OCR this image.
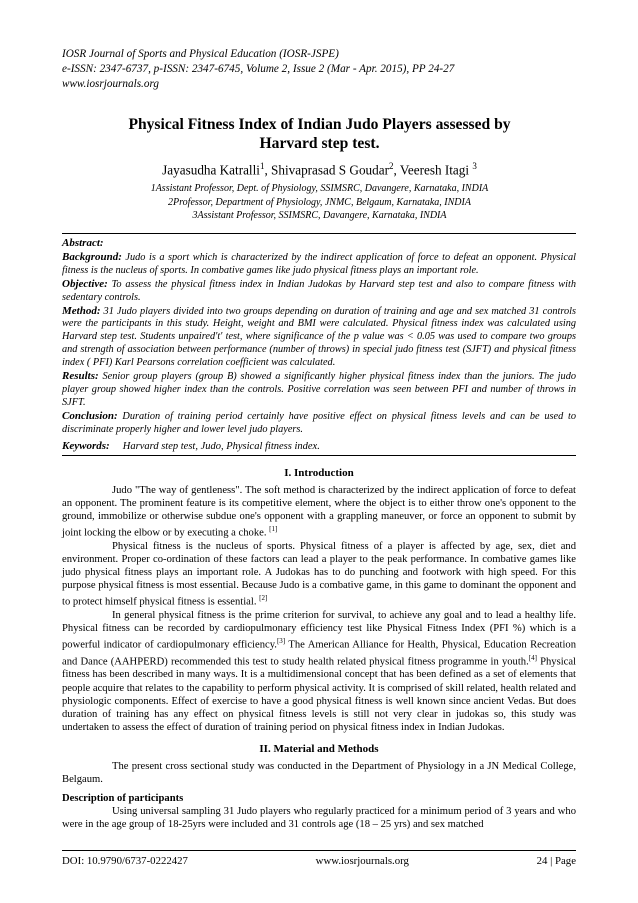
IOSR Journal of Sports and Physical Education (IOSR-JSPE)
e-ISSN: 2347-6737, p-ISSN: 2347-6745, Volume 2, Issue 2 (Mar - Apr. 2015), PP 24-27
www.iosrjournals.org
Physical Fitness Index of Indian Judo Players assessed by
Harvard step test.
Jayasudha Katralli$^1$, Shivaprasad S Goudar$^2$, Veeresh Itagi $^3$
1Assistant Professor, Dept. of Physiology, SSIMSRC, Davangere, Karnataka, INDIA
2Professor, Department of Physiology, JNMC, Belgaum, Karnataka, INDIA
3Assistant Professor, SSIMSRC, Davangere, Karnataka, INDIA

Abstract:

Background: Judo is a sport which is characterized by the indirect application of force to defeat an opponent. Physical fitness is the nucleus of sports. In combative games like judo physical fitness plays an important role.

Objective: To assess the physical fitness index in Indian Judokas by Harvard step test and also to compare fitness with sedentary controls.

Method: 31 Judo players divided into two groups depending on duration of training and age and sex matched 31 controls were the participants in this study. Height, weight and BMI were calculated. Physical fitness index was calculated using Harvard step test. Students unpaired't' test, where significance of the p value was < 0.05 was used to compare two groups and strength of association between performance (number of throws) in special judo fitness test (SJFT) and physical fitness index ( PFI) Karl Pearsons correlation coefficient was calculated.

Results: Senior group players (group B) showed a significantly higher physical fitness index than the juniors. The judo player group showed higher index than the controls. Positive correlation was seen between PFI and number of throws in SJFT.

Conclusion: Duration of training period certainly have positive effect on physical fitness levels and can be used to discriminate properly higher and lower level judo players.

Keywords: Harvard step test, Judo, Physical fitness index.
I. Introduction

Judo "The way of gentleness". The soft method is characterized by the indirect application of force to defeat an opponent. The prominent feature is its competitive element, where the object is to either throw one's opponent to the ground, immobilize or otherwise subdue one's opponent with a grappling maneuver, or force an opponent to submit by joint locking the elbow or by executing a choke. [1]

Physical fitness is the nucleus of sports. Physical fitness of a player is affected by age, sex, diet and environment. Proper co-ordination of these factors can lead a player to the peak performance. In combative games like judo physical fitness plays an important role. A Judokas has to do punching and footwork with high speed. For this purpose physical fitness is most essential. Because Judo is a combative game, in this game to dominant the opponent and to protect himself physical fitness is essential. [2]

In general physical fitness is the prime criterion for survival, to achieve any goal and to lead a healthy life. Physical fitness can be recorded by cardiopulmonary efficiency test like Physical Fitness Index (PFI %) which is a powerful indicator of cardiopulmonary efficiency.[3] The American Alliance for Health, Physical, Education Recreation and Dance (AAHPERD) recommended this test to study health related physical fitness programme in youth.[4] Physical fitness has been described in many ways. It is a multidimensional concept that has been defined as a set of elements that people acquire that relates to the capability to perform physical activity. It is comprised of skill related, health related and physiologic components. Effect of exercise to have a good physical fitness is well known since ancient Vedas. But does duration of training has any effect on physical fitness levels is still not very clear in judokas so, this study was undertaken to assess the effect of duration of training period on physical fitness index in Indian Judokas.

II. Material and Methods

The present cross sectional study was conducted in the Department of Physiology in a JN Medical College, Belgaum.

Description of participants

Using universal sampling 31 Judo players who regularly practiced for a minimum period of 3 years and who were in the age group of 18-25yrs were included and 31 controls age (18 – 25 yrs) and sex matched

DOI: 10.9790/6737-0222427	www.iosrjournals.org	24 | Page
